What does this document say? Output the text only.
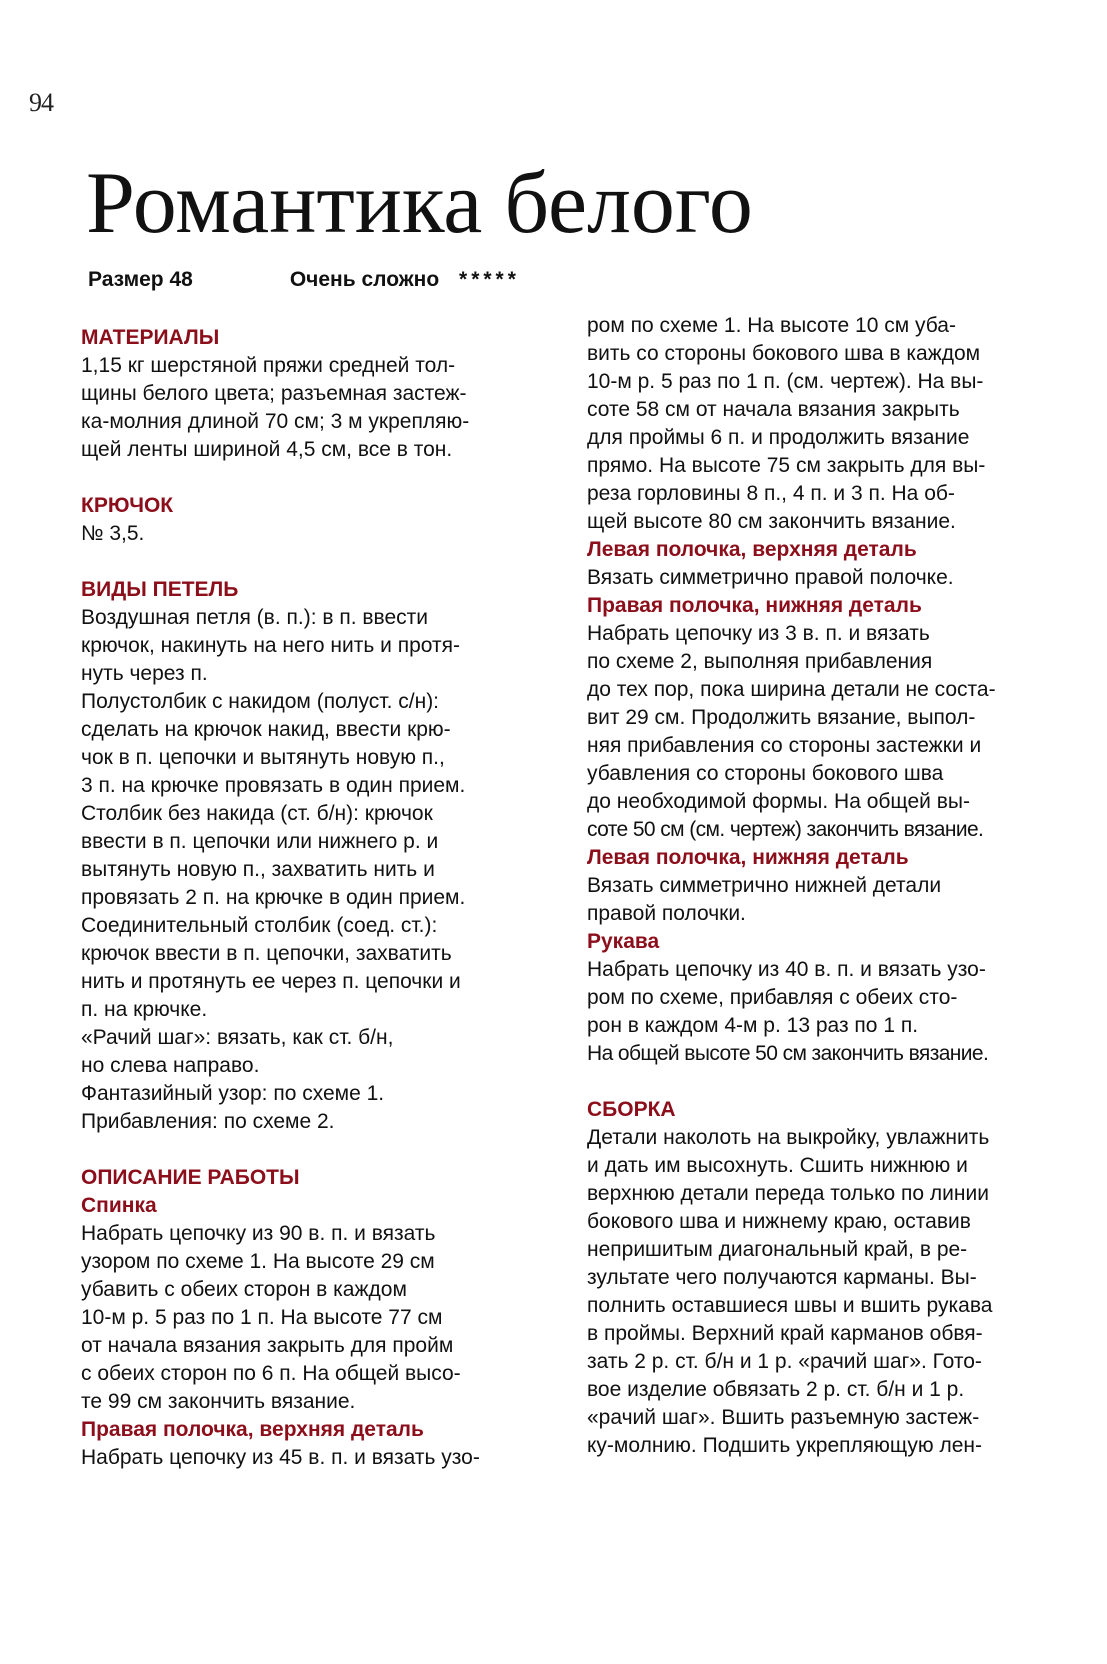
94
Романтика белого
Размер 48	Очень сложно *****
МАТЕРИАЛЫ
1,15 кг шерстяной пряжи средней тол-
щины белого цвета; разъемная застеж-
ка-молния длиной 70 см; 3 м укрепляю-
щей ленты шириной 4,5 см, все в тон.
КРЮЧОК
№ 3,5.
ВИДЫ ПЕТЕЛЬ
Воздушная петля (в. п.): в п. ввести
крючок, накинуть на него нить и протя-
нуть через п.
Полустолбик с накидом (полуст. с/н):
сделать на крючок накид, ввести крю-
чок в п. цепочки и вытянуть новую п.,
3 п. на крючке провязать в один прием.
Столбик без накида (ст. б/н): крючок
ввести в п. цепочки или нижнего р. и
вытянуть новую п., захватить нить и
провязать 2 п. на крючке в один прием.
Соединительный столбик (соед. ст.):
крючок ввести в п. цепочки, захватить
нить и протянуть ее через п. цепочки и
п. на крючке.
«Рачий шаг»: вязать, как ст. б/н,
но слева направо.
Фантазийный узор: по схеме 1.
Прибавления: по схеме 2.
ОПИСАНИЕ РАБОТЫ
Спинка
Набрать цепочку из 90 в. п. и вязать
узором по схеме 1. На высоте 29 см
убавить с обеих сторон в каждом
10-м р. 5 раз по 1 п. На высоте 77 см
от начала вязания закрыть для пройм
с обеих сторон по 6 п. На общей высо-
те 99 см закончить вязание.
Правая полочка, верхняя деталь
Набрать цепочку из 45 в. п. и вязать узо-
ром по схеме 1. На высоте 10 см уба-
вить со стороны бокового шва в каждом
10-м р. 5 раз по 1 п. (см. чертеж). На вы-
соте 58 см от начала вязания закрыть
для проймы 6 п. и продолжить вязание
прямо. На высоте 75 см закрыть для вы-
реза горловины 8 п., 4 п. и 3 п. На об-
щей высоте 80 см закончить вязание.
Левая полочка, верхняя деталь
Вязать симметрично правой полочке.
Правая полочка, нижняя деталь
Набрать цепочку из 3 в. п. и вязать
по схеме 2, выполняя прибавления
до тех пор, пока ширина детали не соста-
вит 29 см. Продолжить вязание, выпол-
няя прибавления со стороны застежки и
убавления со стороны бокового шва
до необходимой формы. На общей вы-
соте 50 см (см. чертеж) закончить вязание.
Левая полочка, нижняя деталь
Вязать симметрично нижней детали
правой полочки.
Рукава
Набрать цепочку из 40 в. п. и вязать узо-
ром по схеме, прибавляя с обеих сто-
рон в каждом 4-м р. 13 раз по 1 п.
На общей высоте 50 см закончить вязание.
СБОРКА
Детали наколоть на выкройку, увлажнить
и дать им высохнуть. Сшить нижнюю и
верхнюю детали переда только по линии
бокового шва и нижнему краю, оставив
непришитым диагональный край, в ре-
зультате чего получаются карманы. Вы-
полнить оставшиеся швы и вшить рукава
в проймы. Верхний край карманов обвя-
зать 2 р. ст. б/н и 1 р. «рачий шаг». Гото-
вое изделие обвязать 2 р. ст. б/н и 1 р.
«рачий шаг». Вшить разъемную застеж-
ку-молнию. Подшить укрепляющую лен-
